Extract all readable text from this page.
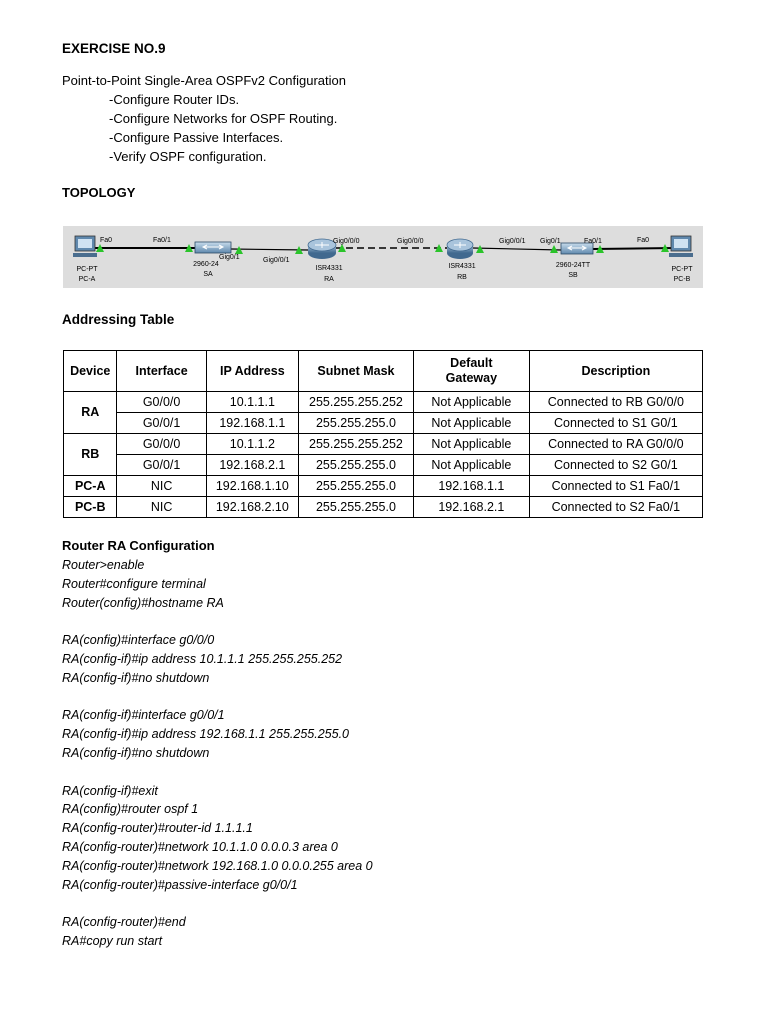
EXERCISE NO.9
Point-to-Point Single-Area OSPFv2 Configuration
-Configure Router IDs.
-Configure Networks for OSPF Routing.
-Configure Passive Interfaces.
-Verify OSPF configuration.
TOPOLOGY
Fa0	Fa0/1
Gig0/1	Gig0/0/1
Gig0/0/0	Gig0/0/0	Gig0/0/1 Gig0/1	Fa0/1	Fa0
PC-PT
PC-A
2960-24
SA
ISR4331
RA
ISR4331
RB
2960-24TT
SB
PC-PT
PC-B
Addressing Table
Device	Interface	IP Address	Subnet Mask	Default
Gateway	Description
RA	G0/0/0	10.1.1.1	255.255.255.252	Not Applicable	Connected to RB G0/0/0
	G0/0/1	192.168.1.1	255.255.255.0	Not Applicable	Connected to S1 G0/1
RB	G0/0/0	10.1.1.2	255.255.255.252	Not Applicable	Connected to RA G0/0/0
	G0/0/1	192.168.2.1	255.255.255.0	Not Applicable	Connected to S2 G0/1
PC-A	NIC	192.168.1.10	255.255.255.0	192.168.1.1	Connected to S1 Fa0/1
PC-B	NIC	192.168.2.10	255.255.255.0	192.168.2.1	Connected to S2 Fa0/1
Router RA Configuration
Router>enable
Router#configure terminal
Router(config)#hostname RA
RA(config)#interface g0/0/0
RA(config-if)#ip address 10.1.1.1 255.255.255.252
RA(config-if)#no shutdown
RA(config-if)#interface g0/0/1
RA(config-if)#ip address 192.168.1.1 255.255.255.0
RA(config-if)#no shutdown
RA(config-if)#exit
RA(config)#router ospf 1
RA(config-router)#router-id 1.1.1.1
RA(config-router)#network 10.1.1.0 0.0.0.3 area 0
RA(config-router)#network 192.168.1.0 0.0.0.255 area 0
RA(config-router)#passive-interface g0/0/1
RA(config-router)#end
RA#copy run start
